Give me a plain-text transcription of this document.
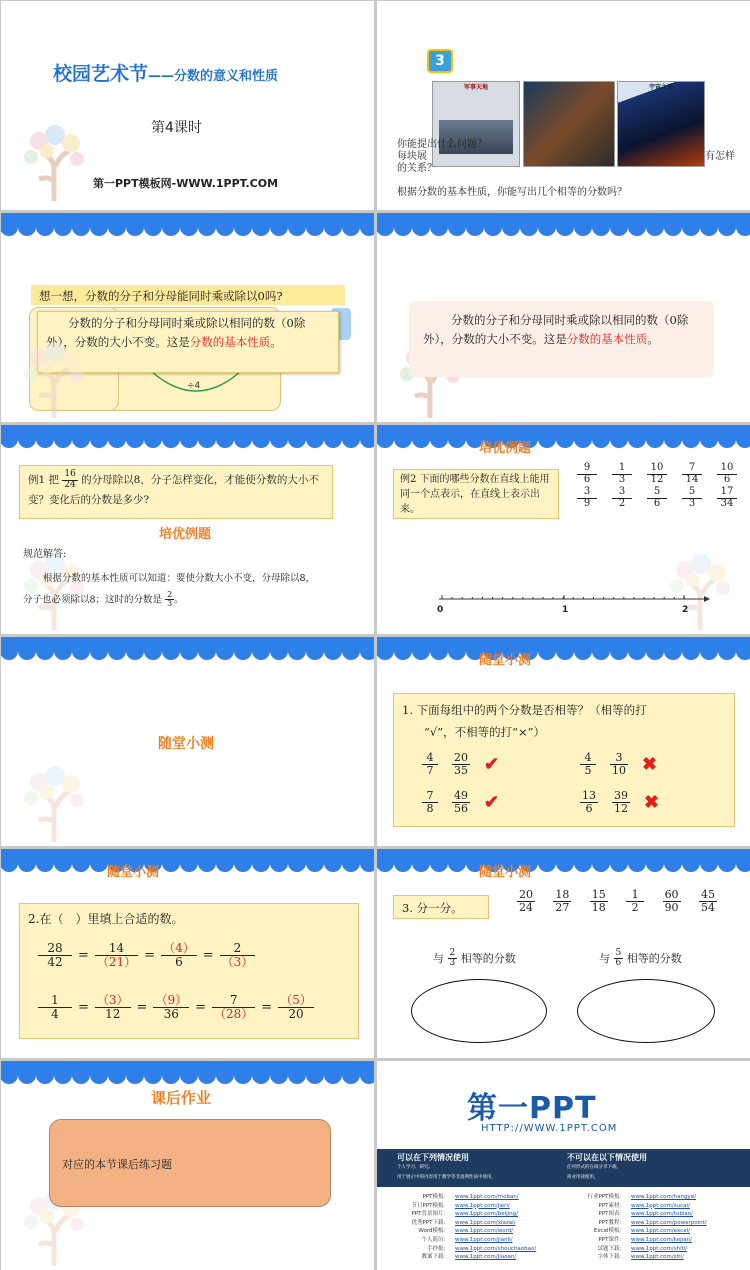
校园艺术节——分数的意义和性质
第4课时
第一PPT模板网-WWW.1PPT.COM
3
军事天地	宇宙之谜
你能提出什么问题？
每块展	有怎样
的关系？
根据分数的基本性质，你能写出几个相等的分数吗？
想一想，分数的分子和分母能同时乘或除以0吗?
÷4
分数的分子和分母同时乘或除以相同的数（0除外），分数的大小不变。这是分数的基本性质。
分数的分子和分母同时乘或除以相同的数（0除外），分数的大小不变。这是分数的基本性质。
例1 把 $\frac{16}{24}$ 的分母除以8，分子怎样变化，才能使分数的大小不变？变化后的分数是多少?
培优例题
规范解答:
根据分数的基本性质可以知道：要使分数大小不变，分母除以8，
分子也必须除以8；这时的分数是 $\frac{2}{3}$ 。
培优例题
例2 下面的哪些分数在直线上能用同一个点表示，在直线上表示出来。
$\frac{9}{6} \frac{1}{3} \frac{10}{12} \frac{7}{14} \frac{10}{6}$
$\frac{3}{9} \frac{3}{2} \frac{5}{6} \frac{5}{3} \frac{17}{34}$
0	1	2
随堂小测
随堂小测
1. 下面每组中的两个分数是否相等？（相等的打
“√”，不相等的打“×”）
$\frac{4}{7} \frac{20}{35}$ ✔	$\frac{4}{5} \frac{3}{10}$ ✖
$\frac{7}{8} \frac{49}{56}$ ✔	$\frac{13}{6} \frac{39}{12}$ ✖
随堂小测
2.在（　）里填上合适的数。
$\frac{28}{42} = \frac{14}{(21)} = \frac{(4)}{6} = \frac{2}{(3)}$
$\frac{1}{4} = \frac{(3)}{12} = \frac{(9)}{36} = \frac{7}{(28)} = \frac{(5)}{20}$
随堂小测
3. 分一分。	$\frac{20}{24} \frac{18}{27} \frac{15}{18} \frac{1}{2} \frac{60}{90} \frac{45}{54}$
与 $\frac{2}{3}$ 相等的分数	与 $\frac{5}{6}$ 相等的分数
课后作业
对应的本节课后练习题
第一PPT
HTTP://WWW.1PPT.COM
可以在下列情况使用
个人学习、研究。
用于展示中的内容用于教学等非盈利性质中使用。
不可以在以下情况使用
任何形式的在线分享下载。
商业用途使用。
PPT模板： www.1ppt.com/moban/
节日PPT模板： www.1ppt.com/jieri/
PPT背景图片： www.1ppt.com/beijing/
优秀PPT下载： www.1ppt.com/xiazai/
Word模板： www.1ppt.com/word/
个人简历： www.1ppt.com/jianli/
手抄报： www.1ppt.com/shouchaobao/
教案下载： www.1ppt.com/jiaoan/
行业PPT模板： www.1ppt.com/hangye/
PPT素材： www.1ppt.com/sucai/
PPT图表： www.1ppt.com/tubiao/
PPT教程： www.1ppt.com/powerpoint/
Excel模板： www.1ppt.com/excel/
PPT课件： www.1ppt.com/kejian/
试题下载： www.1ppt.com/shiti/
字体下载： www.1ppt.com/ziti/
